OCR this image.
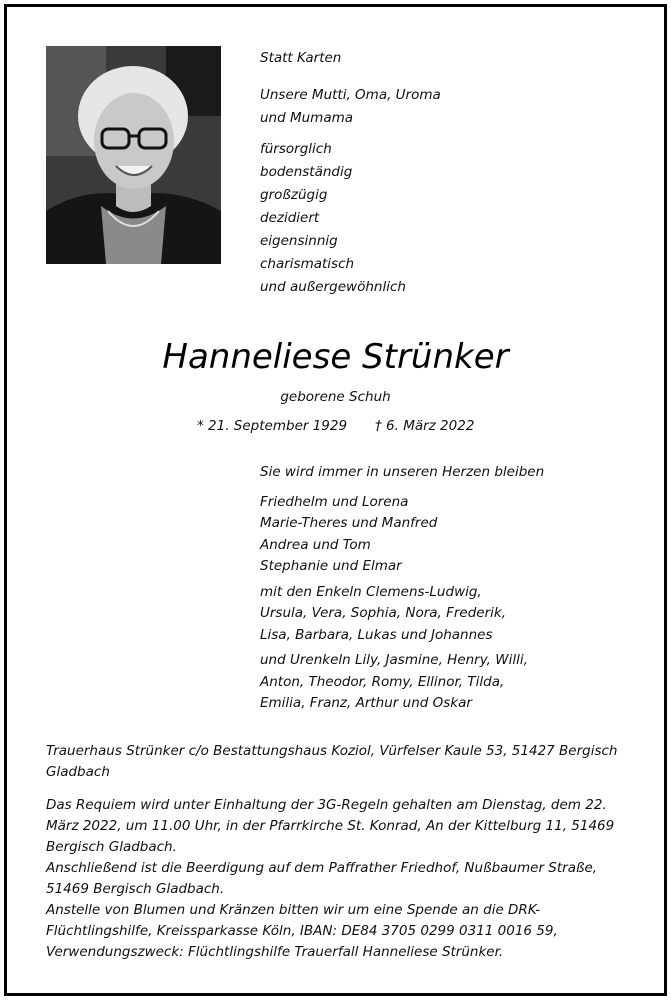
Statt Karten
Unsere Mutti, Oma, Uroma
und Mumama
fürsorglich
bodenständig
großzügig
dezidiert
eigensinnig
charismatisch
und außergewöhnlich
Hanneliese Strünker
geborene Schuh
* 21. September 1929 † 6. März 2022
Sie wird immer in unseren Herzen bleiben
Friedhelm und Lorena
Marie-Theres und Manfred
Andrea und Tom
Stephanie und Elmar
mit den Enkeln Clemens-Ludwig,
Ursula, Vera, Sophia, Nora, Frederik,
Lisa, Barbara, Lukas und Johannes
und Urenkeln Lily, Jasmine, Henry, Willi,
Anton, Theodor, Romy, Ellinor, Tilda,
Emilia, Franz, Arthur und Oskar

Trauerhaus Strünker c/o Bestattungshaus Koziol, Vürfelser Kaule 53, 51427 Bergisch Gladbach

Das Requiem wird unter Einhaltung der 3G-Regeln gehalten am Dienstag, dem 22. März 2022, um 11.00 Uhr, in der Pfarrkirche St. Konrad, An der Kittelburg 11, 51469 Bergisch Gladbach.

Anschließend ist die Beerdigung auf dem Paffrather Friedhof, Nußbaumer Straße, 51469 Bergisch Gladbach.

Anstelle von Blumen und Kränzen bitten wir um eine Spende an die DRK-Flüchtlingshilfe, Kreissparkasse Köln, IBAN: DE84 3705 0299 0311 0016 59, Verwendungszweck: Flüchtlingshilfe Trauerfall Hanneliese Strünker.
